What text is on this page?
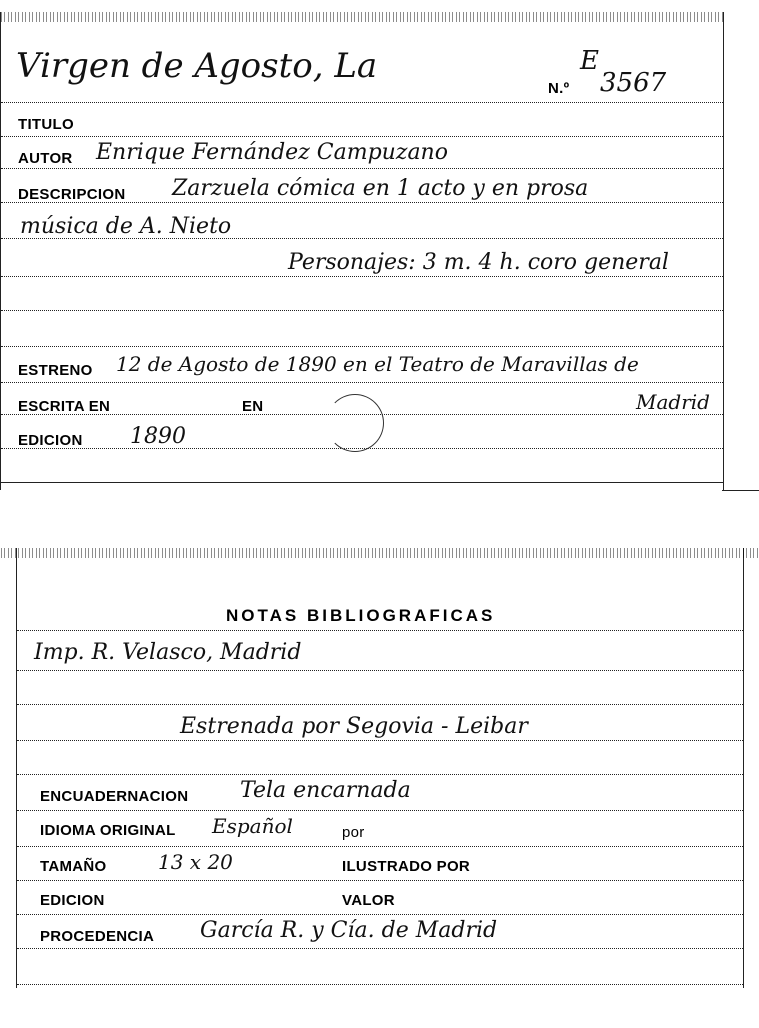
Virgen de Agosto, La
N.º
E
3567
TITULO
AUTOR Enrique Fernández Campuzano
DESCRIPCION Zarzuela cómica en 1 acto y en prosa
música de A. Nieto
Personajes: 3 m. 4 h. coro general
ESTRENO 12 de Agosto de 1890 en el Teatro de Maravillas de
ESCRITA EN	EN	Madrid
EDICION 1890
NOTAS BIBLIOGRAFICAS
Imp. R. Velasco, Madrid
Estrenada por Segovia - Leibar
ENCUADERNACION Tela encarnada
IDIOMA ORIGINAL Español	por
TAMAÑO	13 x 20	ILUSTRADO POR
EDICION	VALOR
PROCEDENCIA García R. y Cía. de Madrid
